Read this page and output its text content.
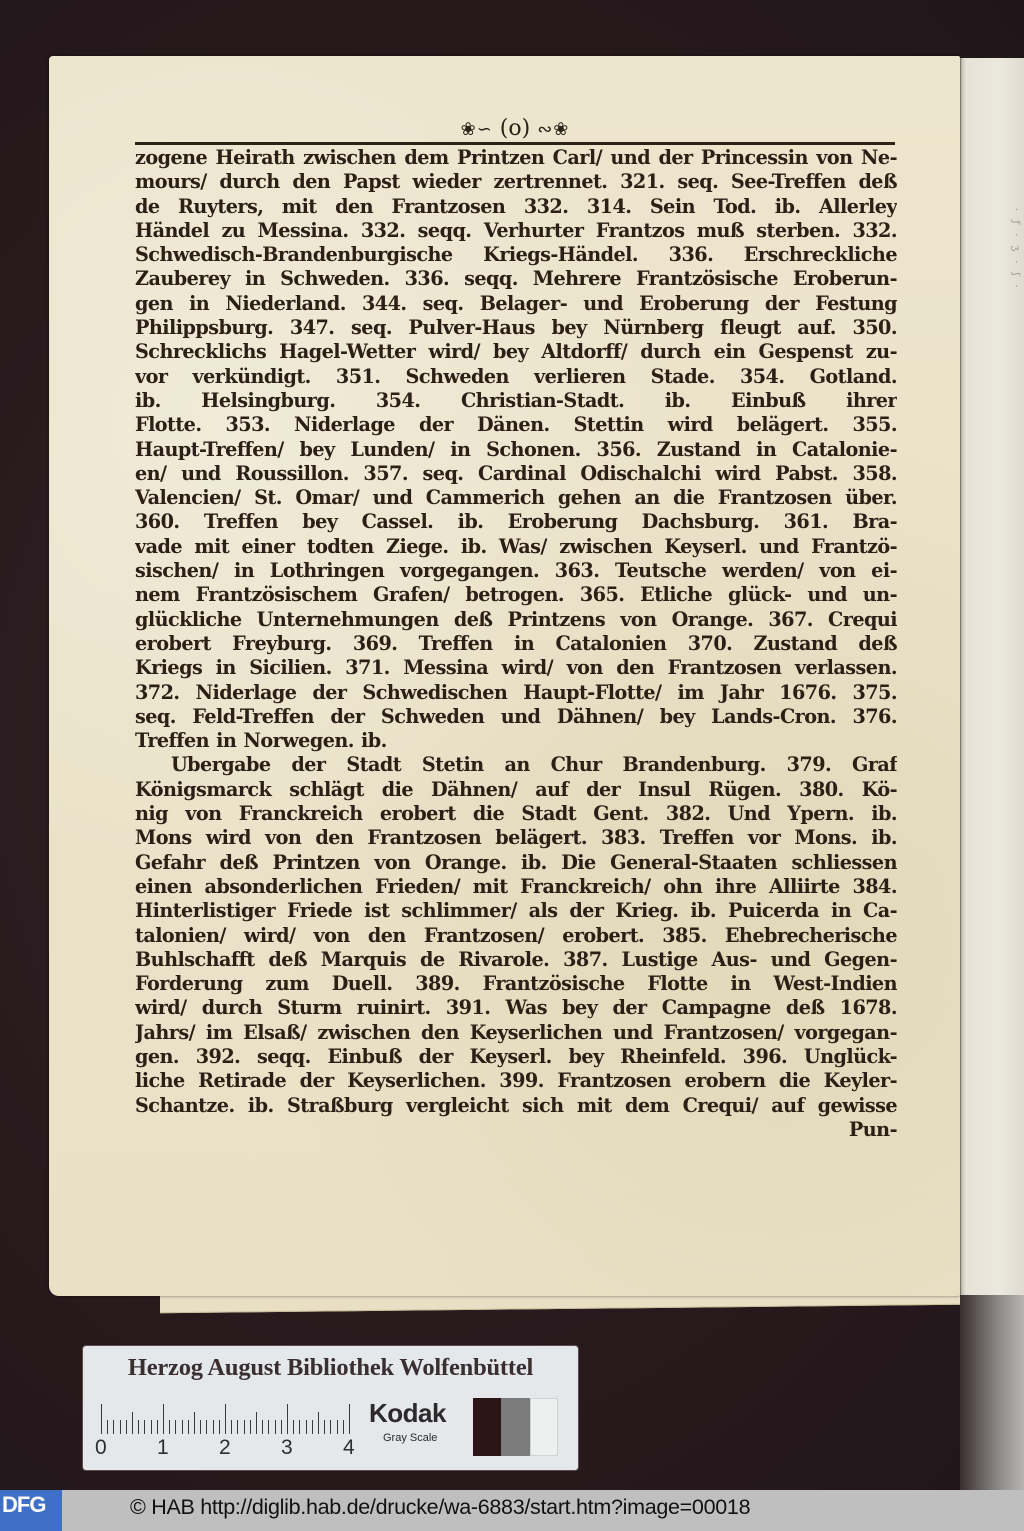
· ƒ · ʒ · ʃ ·
❀∽ (o) ∾❀
zogene Heirath zwischen dem Printzen Carl/ und der Princessin von Ne-
mours/ durch den Papst wieder zertrennet. 321. seq. See-Treffen deß
de Ruyters, mit den Frantzosen 332. 314. Sein Tod. ib. Allerley
Händel zu Messina. 332. seqq. Verhurter Frantzos muß sterben. 332.
Schwedisch-Brandenburgische Kriegs-Händel. 336. Erschreckliche
Zauberey in Schweden. 336. seqq. Mehrere Frantzösische Eroberun-
gen in Niederland. 344. seq. Belager- und Eroberung der Festung
Philippsburg. 347. seq. Pulver-Haus bey Nürnberg fleugt auf. 350.
Schrecklichs Hagel-Wetter wird/ bey Altdorff/ durch ein Gespenst zu-
vor verkündigt. 351. Schweden verlieren Stade. 354. Gotland.
ib. Helsingburg. 354. Christian-Stadt. ib. Einbuß ihrer
Flotte. 353. Niderlage der Dänen. Stettin wird belägert. 355.
Haupt-Treffen/ bey Lunden/ in Schonen. 356. Zustand in Catalonie-
en/ und Roussillon. 357. seq. Cardinal Odischalchi wird Pabst. 358.
Valencien/ St. Omar/ und Cammerich gehen an die Frantzosen über.
360. Treffen bey Cassel. ib. Eroberung Dachsburg. 361. Bra-
vade mit einer todten Ziege. ib. Was/ zwischen Keyserl. und Frantzö-
sischen/ in Lothringen vorgegangen. 363. Teutsche werden/ von ei-
nem Frantzösischem Grafen/ betrogen. 365. Etliche glück- und un-
glückliche Unternehmungen deß Printzens von Orange. 367. Crequi
erobert Freyburg. 369. Treffen in Catalonien 370. Zustand deß
Kriegs in Sicilien. 371. Messina wird/ von den Frantzosen verlassen.
372. Niderlage der Schwedischen Haupt-Flotte/ im Jahr 1676. 375.
seq. Feld-Treffen der Schweden und Dähnen/ bey Lands-Cron. 376.
Treffen in Norwegen. ib.
Ubergabe der Stadt Stetin an Chur Brandenburg. 379. Graf
Königsmarck schlägt die Dähnen/ auf der Insul Rügen. 380. Kö-
nig von Franckreich erobert die Stadt Gent. 382. Und Ypern. ib.
Mons wird von den Frantzosen belägert. 383. Treffen vor Mons. ib.
Gefahr deß Printzen von Orange. ib. Die General-Staaten schliessen
einen absonderlichen Frieden/ mit Franckreich/ ohn ihre Alliirte 384.
Hinterlistiger Friede ist schlimmer/ als der Krieg. ib. Puicerda in Ca-
talonien/ wird/ von den Frantzosen/ erobert. 385. Ehebrecherische
Buhlschafft deß Marquis de Rivarole. 387. Lustige Aus- und Gegen-
Forderung zum Duell. 389. Frantzösische Flotte in West-Indien
wird/ durch Sturm ruinirt. 391. Was bey der Campagne deß 1678.
Jahrs/ im Elsaß/ zwischen den Keyserlichen und Frantzosen/ vorgegan-
gen. 392. seqq. Einbuß der Keyserl. bey Rheinfeld. 396. Unglück-
liche Retirade der Keyserlichen. 399. Frantzosen erobern die Keyler-
Schantze. ib. Straßburg vergleicht sich mit dem Crequi/ auf gewisse
Pun-
Herzog August Bibliothek Wolfenbüttel
0 1 2 3 4
Kodak
Gray Scale
DFG	© HAB http://diglib.hab.de/drucke/wa-6883/start.htm?image=00018
